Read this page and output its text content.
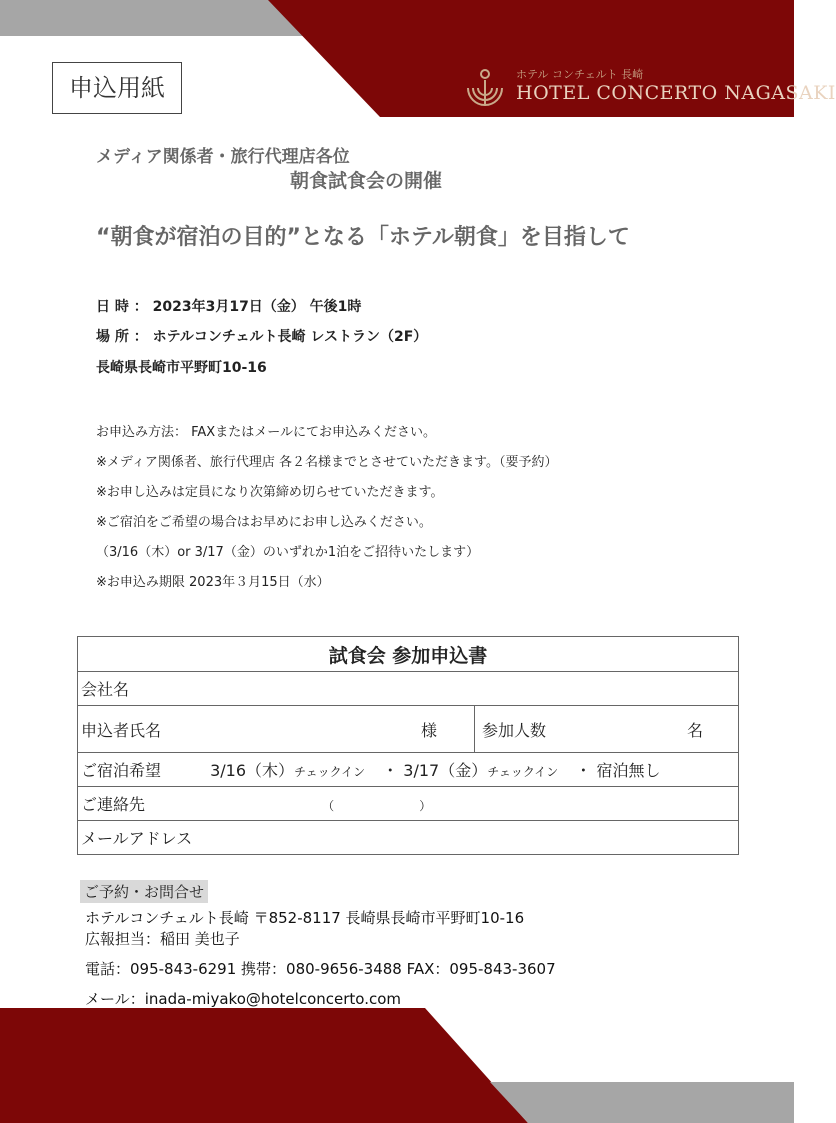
申込用紙	ホテル コンチェルト 長崎
HOTEL CONCERTO NAGASAKI
メディア関係者・旅行代理店各位
朝食試食会の開催
“朝食が宿泊の目的”となる「ホテル朝食」を目指して
日 時 ： 2023年3月17日（金） 午後1時
場 所 ： ホテルコンチェルト長崎 レストラン（2F）
長崎県長崎市平野町10-16
お申込み方法： FAXまたはメールにてお申込みください。
※メディア関係者、旅行代理店 各２名様までとさせていただきます。（要予約）
※お申し込みは定員になり次第締め切らせていただきます。
※ご宿泊をご希望の場合はお早めにお申し込みください。
（3/16（木）or 3/17（金）のいずれか1泊をご招待いたします）
※お申込み期限 2023年３月15日（水）
試食会 参加申込書
会社名
申込者氏名	様	参加人数	名

ご宿泊希望	3/16（木）チェックイン ・ 3/17（金）チェックイン ・ 宿泊無し
ご連絡先	（	）
メールアドレス
ご予約・お問合せ
ホテルコンチェルト長崎 〒852-8117 長崎県長崎市平野町10-16
広報担当：稲田 美也子
電話：095-843-6291 携帯：080-9656-3488 FAX：095-843-3607
メール：inada-miyako@hotelconcerto.com
